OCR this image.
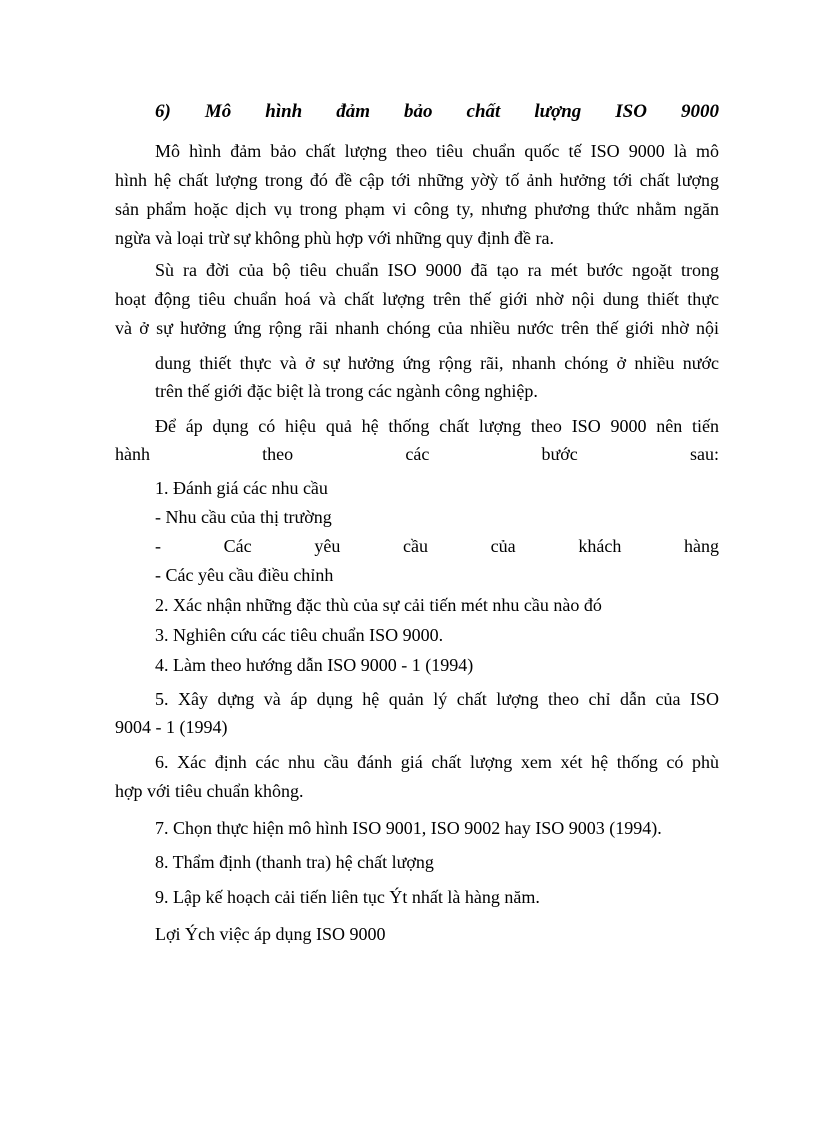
6) Mô hình đảm bảo chất lượng ISO 9000
Mô hình đảm bảo chất lượng theo tiêu chuẩn quốc tế ISO 9000 là mô
hình hệ chất lượng trong đó đề cập tới những yờỳ tố ảnh hưởng tới chất lượng
sản phẩm hoặc dịch vụ trong phạm vi công ty, nhưng phương thức nhằm ngăn
ngừa và loại trừ sự không phù hợp với những quy định đề ra.
Sù ra đời của bộ tiêu chuẩn ISO 9000 đã tạo ra mét bước ngoặt trong
hoạt động tiêu chuẩn hoá và chất lượng trên thế giới nhờ nội dung thiết thực
và ở sự hưởng ứng rộng rãi nhanh chóng của nhiều nước trên thế giới nhờ nội
dung thiết thực và ở sự hưởng ứng rộng rãi, nhanh chóng ở nhiều nước
trên thế giới đặc biệt là trong các ngành công nghiệp.
Để áp dụng có hiệu quả hệ thống chất lượng theo ISO 9000 nên tiến
hành theo các bước sau:
1. Đánh giá các nhu cầu
- Nhu cầu của thị trường
- Các yêu cầu của khách hàng
- Các yêu cầu điều chỉnh
2. Xác nhận những đặc thù của sự cải tiến mét nhu cầu nào đó
3. Nghiên cứu các tiêu chuẩn ISO 9000.
4. Làm theo hướng dẫn ISO 9000 - 1 (1994)
5. Xây dựng và áp dụng hệ quản lý chất lượng theo chỉ dẫn của ISO
9004 - 1 (1994)
6. Xác định các nhu cầu đánh giá chất lượng xem xét hệ thống có phù
hợp với tiêu chuẩn không.
7. Chọn thực hiện mô hình ISO 9001, ISO 9002 hay ISO 9003 (1994).
8. Thẩm định (thanh tra) hệ chất lượng
9. Lập kế hoạch cải tiến liên tục Ýt nhất là hàng năm.
Lợi Ých việc áp dụng ISO 9000
